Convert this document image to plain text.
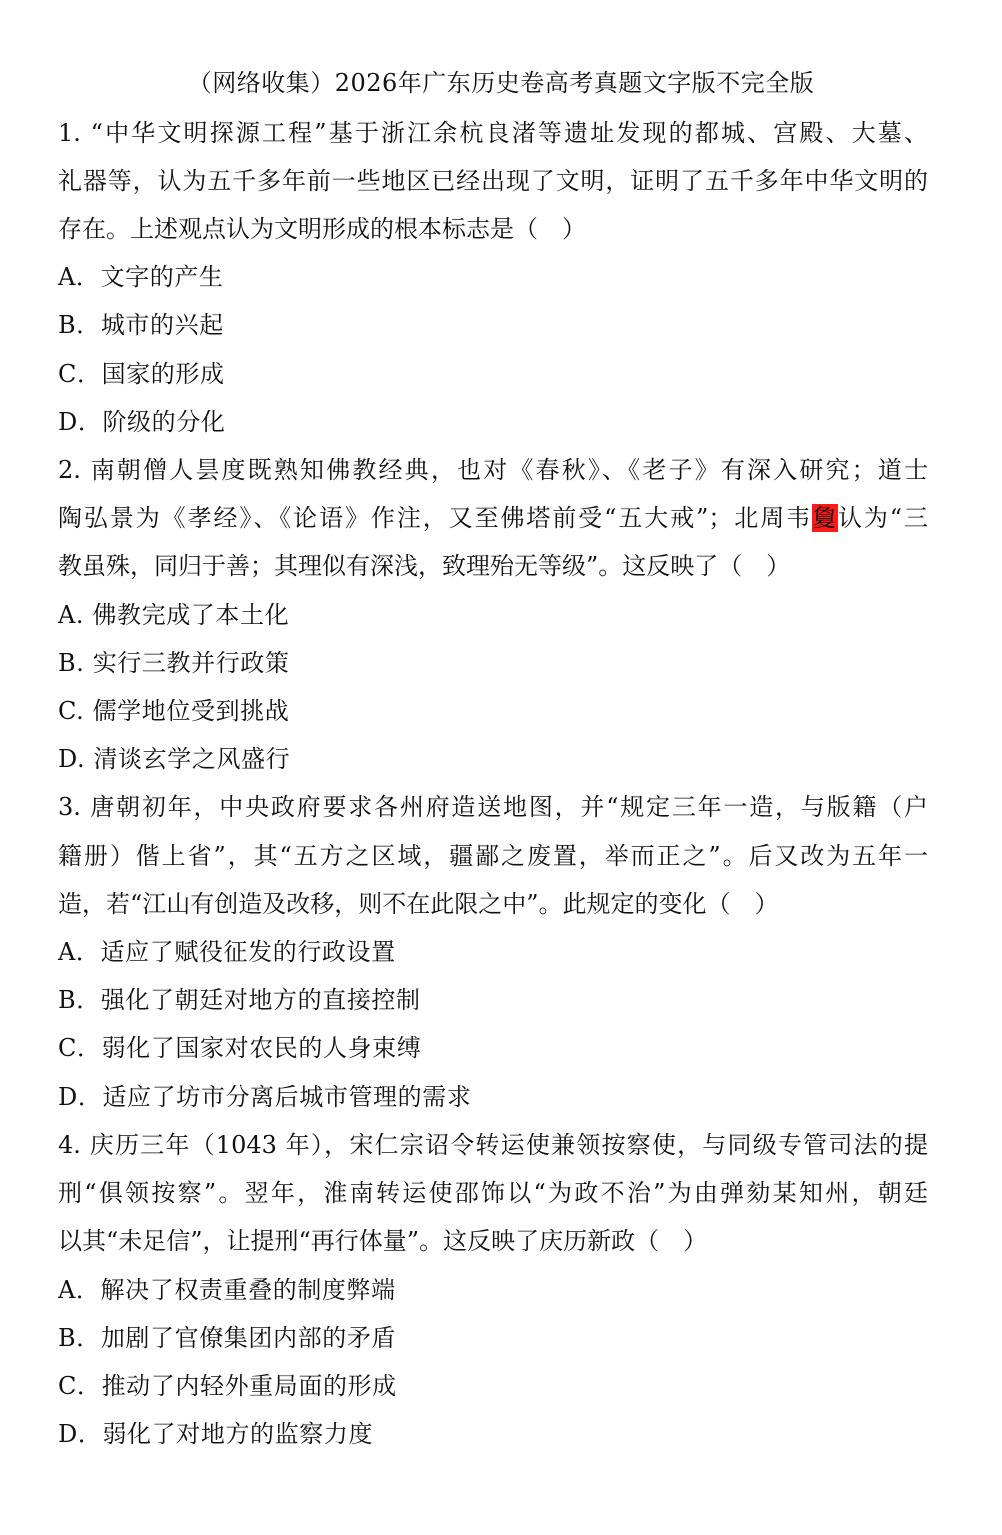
（网络收集）2026年广东历史卷高考真题文字版不完全版
1. “中华文明探源工程”基于浙江余杭良渚等遗址发现的都城、宫殿、大墓、
礼器等，认为五千多年前一些地区已经出现了文明，证明了五千多年中华文明的
存在。上述观点认为文明形成的根本标志是（　）
A．文字的产生
B．城市的兴起
C．国家的形成
D．阶级的分化
2. 南朝僧人昙度既熟知佛教经典，也对《春秋》、《老子》有深入研究；道士
陶弘景为《孝经》、《论语》作注，又至佛塔前受“五大戒”；北周韦敻认为“三
教虽殊，同归于善；其理似有深浅，致理殆无等级”。这反映了（　）
A. 佛教完成了本土化
B. 实行三教并行政策
C. 儒学地位受到挑战
D. 清谈玄学之风盛行
3. 唐朝初年，中央政府要求各州府造送地图，并“规定三年一造，与版籍（户
籍册）偕上省”，其“五方之区域，疆鄙之废置，举而正之”。后又改为五年一
造，若“江山有创造及改移，则不在此限之中”。此规定的变化（　）
A．适应了赋役征发的行政设置
B．强化了朝廷对地方的直接控制
C．弱化了国家对农民的人身束缚
D．适应了坊市分离后城市管理的需求
4. 庆历三年（1043 年），宋仁宗诏令转运使兼领按察使，与同级专管司法的提
刑“俱领按察”。翌年，淮南转运使邵饰以“为政不治”为由弹劾某知州，朝廷
以其“未足信”，让提刑“再行体量”。这反映了庆历新政（　）
A．解决了权责重叠的制度弊端
B．加剧了官僚集团内部的矛盾
C．推动了内轻外重局面的形成
D．弱化了对地方的监察力度
